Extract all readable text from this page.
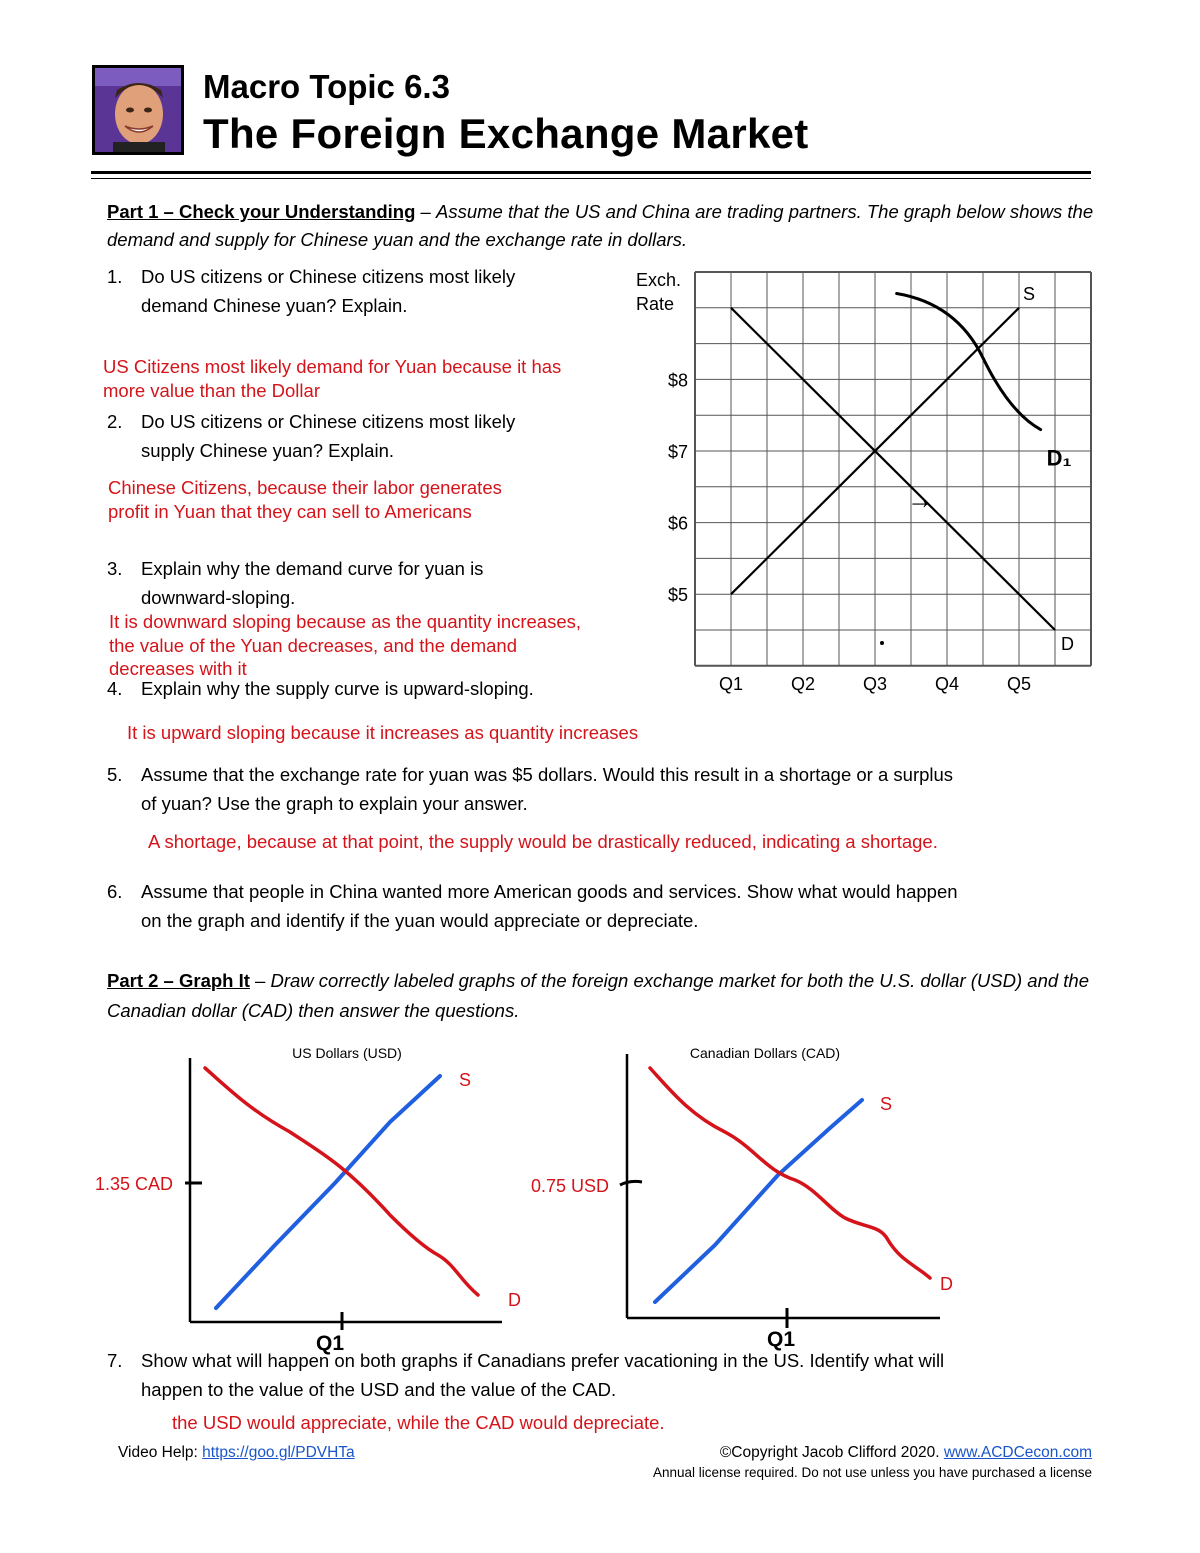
Macro Topic 6.3
The Foreign Exchange Market
Part 1 – Check your Understanding – Assume that the US and China are trading partners. The graph below shows the demand and supply for Chinese yuan and the exchange rate in dollars.
1. Do US citizens or Chinese citizens most likely
demand Chinese yuan? Explain.
US Citizens most likely demand for Yuan because it has
more value than the Dollar
2. Do US citizens or Chinese citizens most likely
supply Chinese yuan? Explain.
Chinese Citizens, because their labor generates
profit in Yuan that they can sell to Americans
3. Explain why the demand curve for yuan is
downward-sloping.
It is downward sloping because as the quantity increases,
the value of the Yuan decreases, and the demand
decreases with it
4. Explain why the supply curve is upward-sloping.
It is upward sloping because it increases as quantity increases
5. Assume that the exchange rate for yuan was $5 dollars. Would this result in a shortage or a surplus
of yuan? Use the graph to explain your answer.
A shortage, because at that point, the supply would be drastically reduced, indicating a shortage.
6. Assume that people in China wanted more American goods and services. Show what would happen
on the graph and identify if the yuan would appreciate or depreciate.
Part 2 – Graph It – Draw correctly labeled graphs of the foreign exchange market for both the U.S. dollar (USD) and the Canadian dollar (CAD) then answer the questions.
Exch.
Rate
$8
$7
$6
$5
Q1	Q2	Q3	Q4	Q5
S
D
D₁
→
US Dollars (USD)
1.35 CAD
S
D
Q1
Canadian Dollars (CAD)
0.75 USD
S
D
Q1
7. Show what will happen on both graphs if Canadians prefer vacationing in the US. Identify what will
happen to the value of the USD and the value of the CAD.
the USD would appreciate, while the CAD would depreciate.
Video Help: https://goo.gl/PDVHTa	©Copyright Jacob Clifford 2020. www.ACDCecon.com
Annual license required. Do not use unless you have purchased a license
